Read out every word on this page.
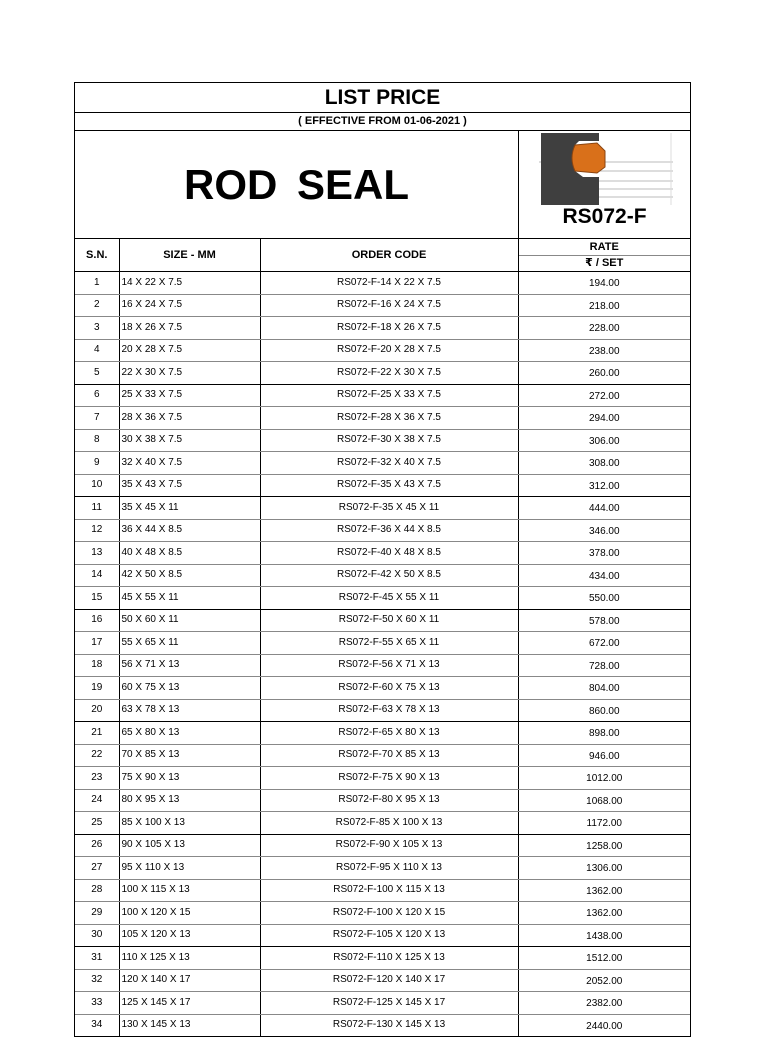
LIST PRICE
( EFFECTIVE FROM 01-06-2021 )
ROD SEAL
RS072-F
S.N.	SIZE - MM	ORDER CODE	RATE
			₹ / SET
1	14 X 22 X 7.5	RS072-F-14 X 22 X 7.5	194.00
2	16 X 24 X 7.5	RS072-F-16 X 24 X 7.5	218.00
3	18 X 26 X 7.5	RS072-F-18 X 26 X 7.5	228.00
4	20 X 28 X 7.5	RS072-F-20 X 28 X 7.5	238.00
5	22 X 30 X 7.5	RS072-F-22 X 30 X 7.5	260.00
6	25 X 33 X 7.5	RS072-F-25 X 33 X 7.5	272.00
7	28 X 36 X 7.5	RS072-F-28 X 36 X 7.5	294.00
8	30 X 38 X 7.5	RS072-F-30 X 38 X 7.5	306.00
9	32 X 40 X 7.5	RS072-F-32 X 40 X 7.5	308.00
10	35 X 43 X 7.5	RS072-F-35 X 43 X 7.5	312.00
11	35 X 45 X 11	RS072-F-35 X 45 X 11	444.00
12	36 X 44 X 8.5	RS072-F-36 X 44 X 8.5	346.00
13	40 X 48 X 8.5	RS072-F-40 X 48 X 8.5	378.00
14	42 X 50 X 8.5	RS072-F-42 X 50 X 8.5	434.00
15	45 X 55 X 11	RS072-F-45 X 55 X 11	550.00
16	50 X 60 X 11	RS072-F-50 X 60 X 11	578.00
17	55 X 65 X 11	RS072-F-55 X 65 X 11	672.00
18	56 X 71 X 13	RS072-F-56 X 71 X 13	728.00
19	60 X 75 X 13	RS072-F-60 X 75 X 13	804.00
20	63 X 78 X 13	RS072-F-63 X 78 X 13	860.00
21	65 X 80 X 13	RS072-F-65 X 80 X 13	898.00
22	70 X 85 X 13	RS072-F-70 X 85 X 13	946.00
23	75 X 90 X 13	RS072-F-75 X 90 X 13	1012.00
24	80 X 95 X 13	RS072-F-80 X 95 X 13	1068.00
25	85 X 100 X 13	RS072-F-85 X 100 X 13	1172.00
26	90 X 105 X 13	RS072-F-90 X 105 X 13	1258.00
27	95 X 110 X 13	RS072-F-95 X 110 X 13	1306.00
28	100 X 115 X 13	RS072-F-100 X 115 X 13	1362.00
29	100 X 120 X 15	RS072-F-100 X 120 X 15	1362.00
30	105 X 120 X 13	RS072-F-105 X 120 X 13	1438.00
31	110 X 125 X 13	RS072-F-110 X 125 X 13	1512.00
32	120 X 140 X 17	RS072-F-120 X 140 X 17	2052.00
33	125 X 145 X 17	RS072-F-125 X 145 X 17	2382.00
34	130 X 145 X 13	RS072-F-130 X 145 X 13	2440.00
